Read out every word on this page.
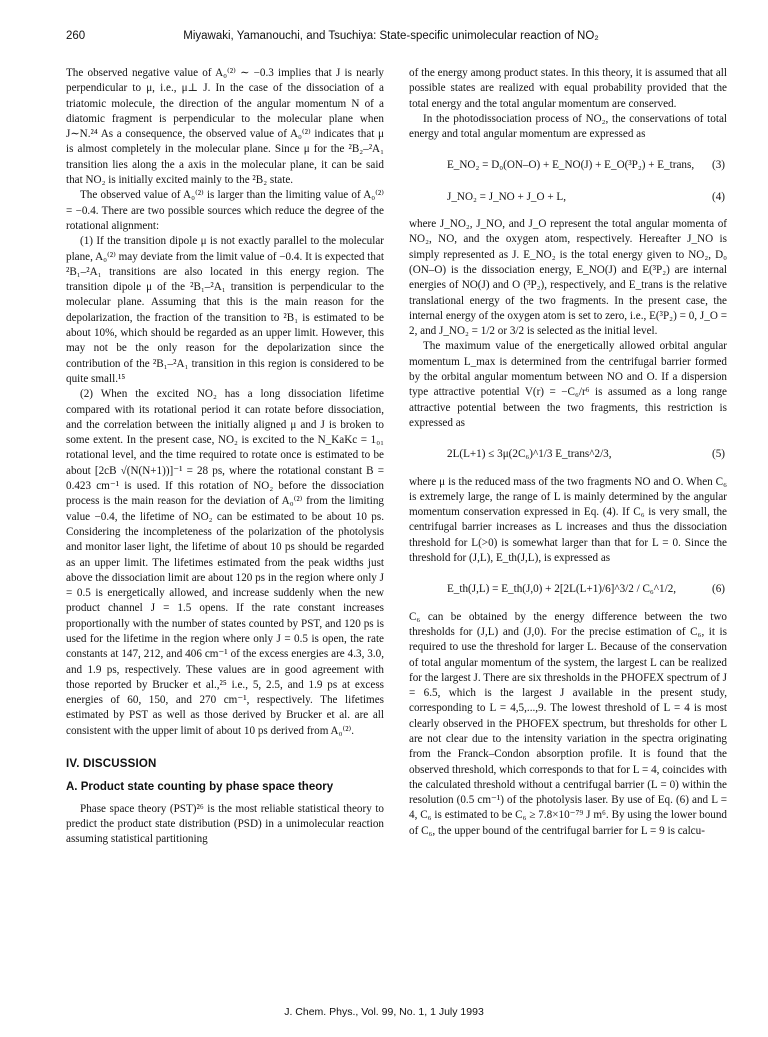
260	Miyawaki, Yamanouchi, and Tsuchiya: State-specific unimolecular reaction of NO₂

The observed negative value of A₀⁽²⁾ ∼ −0.3 implies that J is nearly perpendicular to μ, i.e., μ⊥ J. In the case of the dissociation of a triatomic molecule, the direction of the angular momentum N of a diatomic fragment is perpendicular to the molecular plane when J∼N.²⁴ As a consequence, the observed value of A₀⁽²⁾ indicates that μ is almost completely in the molecular plane. Since μ for the ²B₂–²A₁ transition lies along the a axis in the molecular plane, it can be said that NO₂ is initially excited mainly to the ²B₂ state.

The observed value of A₀⁽²⁾ is larger than the limiting value of A₀⁽²⁾ = −0.4. There are two possible sources which reduce the degree of the rotational alignment:

(1) If the transition dipole μ is not exactly parallel to the molecular plane, A₀⁽²⁾ may deviate from the limit value of −0.4. It is expected that ²B₁–²A₁ transitions are also located in this energy region. The transition dipole μ of the ²B₁–²A₁ transition is perpendicular to the molecular plane. Assuming that this is the main reason for the depolarization, the fraction of the transition to ²B₁ is estimated to be about 10%, which should be regarded as an upper limit. However, this may not be the only reason for the depolarization since the contribution of the ²B₁–²A₁ transition in this region is considered to be quite small.¹⁵

(2) When the excited NO₂ has a long dissociation lifetime compared with its rotational period it can rotate before dissociation, and the correlation between the initially aligned μ and J is broken to some extent. In the present case, NO₂ is excited to the N_KaKc = 1₀₁ rotational level, and the time required to rotate once is estimated to be about [2cB √(N(N+1))]⁻¹ = 28 ps, where the rotational constant B = 0.423 cm⁻¹ is used. If this rotation of NO₂ before the dissociation process is the main reason for the deviation of A₀⁽²⁾ from the limiting value −0.4, the lifetime of NO₂ can be estimated to be about 10 ps. Considering the incompleteness of the polarization of the photolysis and monitor laser light, the lifetime of about 10 ps should be regarded as an upper limit. The lifetimes estimated from the peak widths just above the dissociation limit are about 120 ps in the region where only J = 0.5 is energetically allowed, and increase suddenly when the new product channel J = 1.5 opens. If the rate constant increases proportionally with the number of states counted by PST, and 120 ps is used for the lifetime in the region where only J = 0.5 is open, the rate constants at 147, 212, and 406 cm⁻¹ of the excess energies are 4.3, 3.0, and 1.9 ps, respectively. These values are in good agreement with those reported by Brucker et al.,²⁵ i.e., 5, 2.5, and 1.9 ps at excess energies of 60, 150, and 270 cm⁻¹, respectively. The lifetimes estimated by PST as well as those derived by Brucker et al. are all consistent with the upper limit of about 10 ps derived from A₀⁽²⁾.

IV. DISCUSSION
A. Product state counting by phase space theory

Phase space theory (PST)²⁶ is the most reliable statistical theory to predict the product state distribution (PSD) in a unimolecular reaction assuming statistical partitioning

of the energy among product states. In this theory, it is assumed that all possible states are realized with equal probability provided that the total energy and the total angular momentum are conserved.

In the photodissociation process of NO₂, the conservations of total energy and total angular momentum are expressed as

E_NO₂ = D₀(ON–O) + E_NO(J) + E_O(³P₂) + E_trans, (3)
J_NO₂ = J_NO + J_O + L,	(4)

where J_NO₂, J_NO, and J_O represent the total angular momenta of NO₂, NO, and the oxygen atom, respectively. Hereafter J_NO is simply represented as J. E_NO₂ is the total energy given to NO₂, D₀ (ON–O) is the dissociation energy, E_NO(J) and E(³P₂) are internal energies of NO(J) and O (³P₂), respectively, and E_trans is the relative translational energy of the two fragments. In the present case, the internal energy of the oxygen atom is set to zero, i.e., E(³P₂) = 0, J_O = 2, and J_NO₂ = 1/2 or 3/2 is selected as the initial level.

The maximum value of the energetically allowed orbital angular momentum L_max is determined from the centrifugal barrier formed by the orbital angular momentum between NO and O. If a dispersion type attractive potential V(r) = −C₆/r⁶ is assumed as a long range attractive potential between the two fragments, this restriction is expressed as

2L(L+1) ≤ 3μ(2C₆)^1/3 E_trans^2/3,	(5)

where μ is the reduced mass of the two fragments NO and O. When C₆ is extremely large, the range of L is mainly determined by the angular momentum conservation expressed in Eq. (4). If C₆ is very small, the centrifugal barrier increases as L increases and thus the dissociation threshold for L(>0) is somewhat larger than that for L = 0. Since the threshold for (J,L), E_th(J,L), is expressed as

E_th(J,L) = E_th(J,0) + 2[2L(L+1)/6]^3/2 / C₆^1/2,	(6)

C₆ can be obtained by the energy difference between the two thresholds for (J,L) and (J,0). For the precise estimation of C₆, it is required to use the threshold for larger L. Because of the conservation of total angular momentum of the system, the largest L can be realized for the largest J. There are six thresholds in the PHOFEX spectrum of J = 6.5, which is the largest J available in the present study, corresponding to L = 4,5,...,9. The lowest threshold of L = 4 is most clearly observed in the PHOFEX spectrum, but thresholds for other L are not clear due to the intensity variation in the spectra originating from the Franck–Condon absorption profile. It is found that the observed threshold, which corresponds to that for L = 4, coincides with the calculated threshold without a centrifugal barrier (L = 0) within the resolution (0.5 cm⁻¹) of the photolysis laser. By use of Eq. (6) and L = 4, C₆ is estimated to be C₆ ≥ 7.8×10⁻⁷⁹ J m⁶. By using the lower bound of C₆, the upper bound of the centrifugal barrier for L = 9 is calcu-

J. Chem. Phys., Vol. 99, No. 1, 1 July 1993
